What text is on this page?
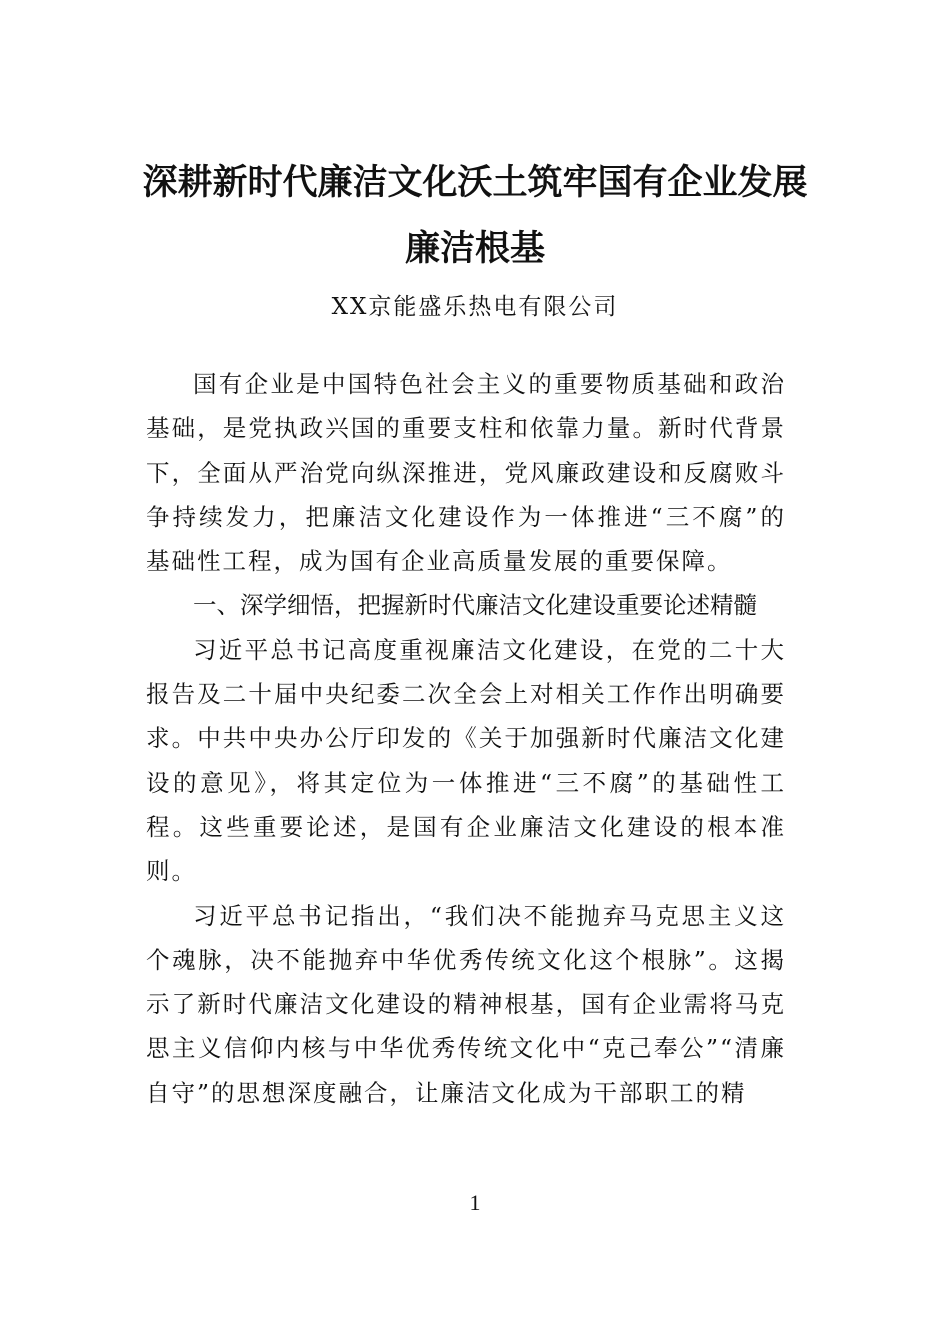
深耕新时代廉洁文化沃土筑牢国有企业发展廉洁根基
XX京能盛乐热电有限公司

国有企业是中国特色社会主义的重要物质基础和政治基础，是党执政兴国的重要支柱和依靠力量。新时代背景下，全面从严治党向纵深推进，党风廉政建设和反腐败斗争持续发力，把廉洁文化建设作为一体推进“三不腐”的基础性工程，成为国有企业高质量发展的重要保障。

一、深学细悟，把握新时代廉洁文化建设重要论述精髓

习近平总书记高度重视廉洁文化建设，在党的二十大报告及二十届中央纪委二次全会上对相关工作作出明确要求。中共中央办公厅印发的《关于加强新时代廉洁文化建设的意见》，将其定位为一体推进“三不腐”的基础性工程。这些重要论述，是国有企业廉洁文化建设的根本准则。

习近平总书记指出，“我们决不能抛弃马克思主义这个魂脉，决不能抛弃中华优秀传统文化这个根脉”。这揭示了新时代廉洁文化建设的精神根基，国有企业需将马克思主义信仰内核与中华优秀传统文化中“克己奉公”“清廉自守”的思想深度融合，让廉洁文化成为干部职工的精

1
